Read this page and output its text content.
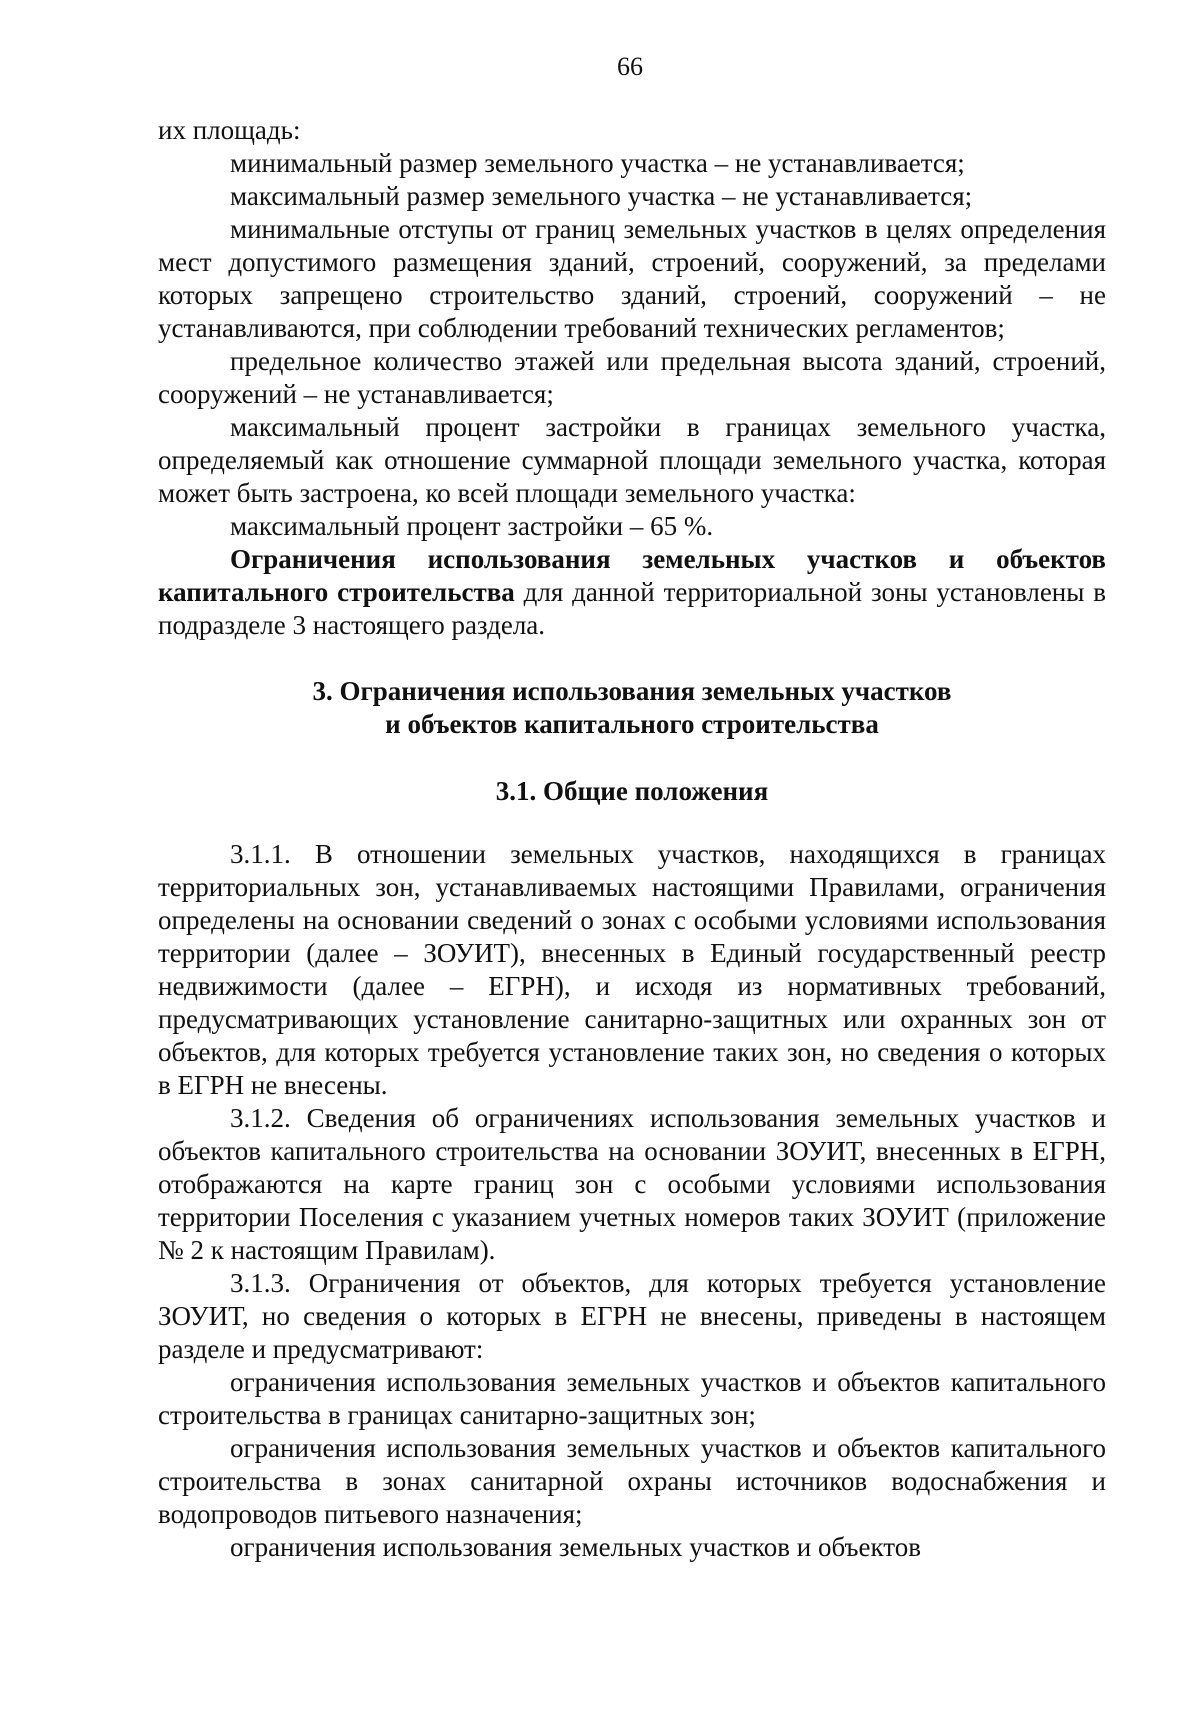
66

их площадь:

минимальный размер земельного участка – не устанавливается;

максимальный размер земельного участка – не устанавливается;

минимальные отступы от границ земельных участков в целях определения мест допустимого размещения зданий, строений, сооружений, за пределами которых запрещено строительство зданий, строений, сооружений – не устанавливаются, при соблюдении требований технических регламентов;

предельное количество этажей или предельная высота зданий, строений, сооружений – не устанавливается;

максимальный процент застройки в границах земельного участка, определяемый как отношение суммарной площади земельного участка, которая может быть застроена, ко всей площади земельного участка:

максимальный процент застройки – 65 %.

Ограничения использования земельных участков и объектов капитального строительства для данной территориальной зоны установлены в подразделе 3 настоящего раздела.

3. Ограничения использования земельных участков
и объектов капитального строительства

3.1. Общие положения

3.1.1. В отношении земельных участков, находящихся в границах территориальных зон, устанавливаемых настоящими Правилами, ограничения определены на основании сведений о зонах с особыми условиями использования территории (далее – ЗОУИТ), внесенных в Единый государственный реестр недвижимости (далее – ЕГРН), и исходя из нормативных требований, предусматривающих установление санитарно-защитных или охранных зон от объектов, для которых требуется установление таких зон, но сведения о которых в ЕГРН не внесены.

3.1.2. Сведения об ограничениях использования земельных участков и объектов капитального строительства на основании ЗОУИТ, внесенных в ЕГРН, отображаются на карте границ зон с особыми условиями использования территории Поселения с указанием учетных номеров таких ЗОУИТ (приложение № 2 к настоящим Правилам).

3.1.3. Ограничения от объектов, для которых требуется установление ЗОУИТ, но сведения о которых в ЕГРН не внесены, приведены в настоящем разделе и предусматривают:

ограничения использования земельных участков и объектов капитального строительства в границах санитарно-защитных зон;

ограничения использования земельных участков и объектов капитального строительства в зонах санитарной охраны источников водоснабжения и водопроводов питьевого назначения;

ограничения использования земельных участков и объектов
